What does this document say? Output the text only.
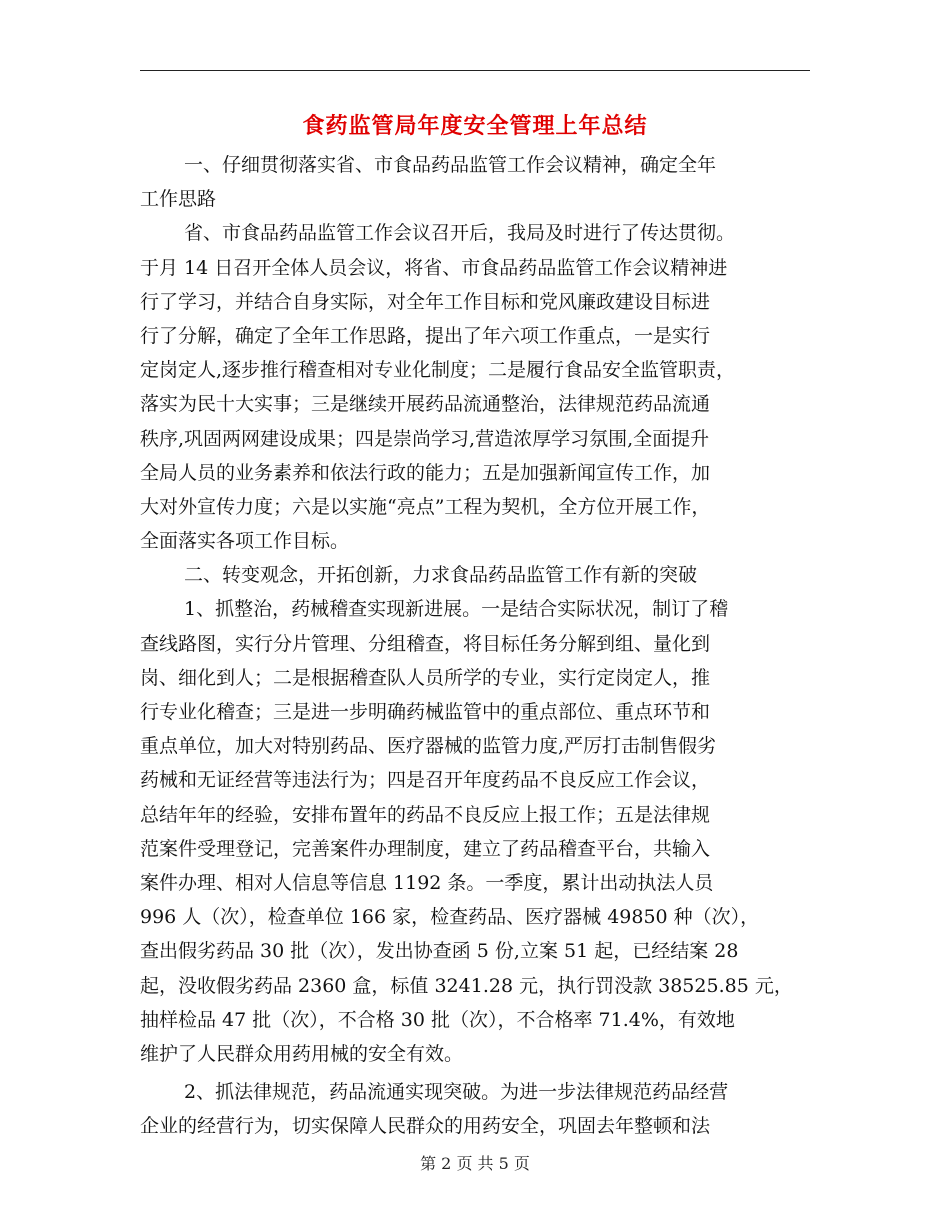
食药监管局年度安全管理上年总结
一、仔细贯彻落实省、市食品药品监管工作会议精神，确定全年
工作思路
省、市食品药品监管工作会议召开后，我局及时进行了传达贯彻。
于月 14 日召开全体人员会议，将省、市食品药品监管工作会议精神进
行了学习，并结合自身实际，对全年工作目标和党风廉政建设目标进
行了分解，确定了全年工作思路，提出了年六项工作重点，一是实行
定岗定人,逐步推行稽查相对专业化制度；二是履行食品安全监管职责，
落实为民十大实事；三是继续开展药品流通整治，法律规范药品流通
秩序,巩固两网建设成果；四是崇尚学习,营造浓厚学习氛围,全面提升
全局人员的业务素养和依法行政的能力；五是加强新闻宣传工作，加
大对外宣传力度；六是以实施“亮点”工程为契机，全方位开展工作，
全面落实各项工作目标。
二、转变观念，开拓创新，力求食品药品监管工作有新的突破
1、抓整治，药械稽查实现新进展。一是结合实际状况，制订了稽
查线路图，实行分片管理、分组稽查，将目标任务分解到组、量化到
岗、细化到人；二是根据稽查队人员所学的专业，实行定岗定人，推
行专业化稽查；三是进一步明确药械监管中的重点部位、重点环节和
重点单位，加大对特别药品、医疗器械的监管力度,严厉打击制售假劣
药械和无证经营等违法行为；四是召开年度药品不良反应工作会议，
总结年年的经验，安排布置年的药品不良反应上报工作；五是法律规
范案件受理登记，完善案件办理制度，建立了药品稽查平台，共输入
案件办理、相对人信息等信息 1192 条。一季度，累计出动执法人员
996 人（次），检查单位 166 家，检查药品、医疗器械 49850 种（次），
查出假劣药品 30 批（次），发出协查函 5 份,立案 51 起，已经结案 28
起，没收假劣药品 2360 盒，标值 3241.28 元，执行罚没款 38525.85 元，
抽样检品 47 批（次），不合格 30 批（次），不合格率 71.4%，有效地
维护了人民群众用药用械的安全有效。
2、抓法律规范，药品流通实现突破。为进一步法律规范药品经营
企业的经营行为，切实保障人民群众的用药安全，巩固去年整顿和法
第 2 页 共 5 页
